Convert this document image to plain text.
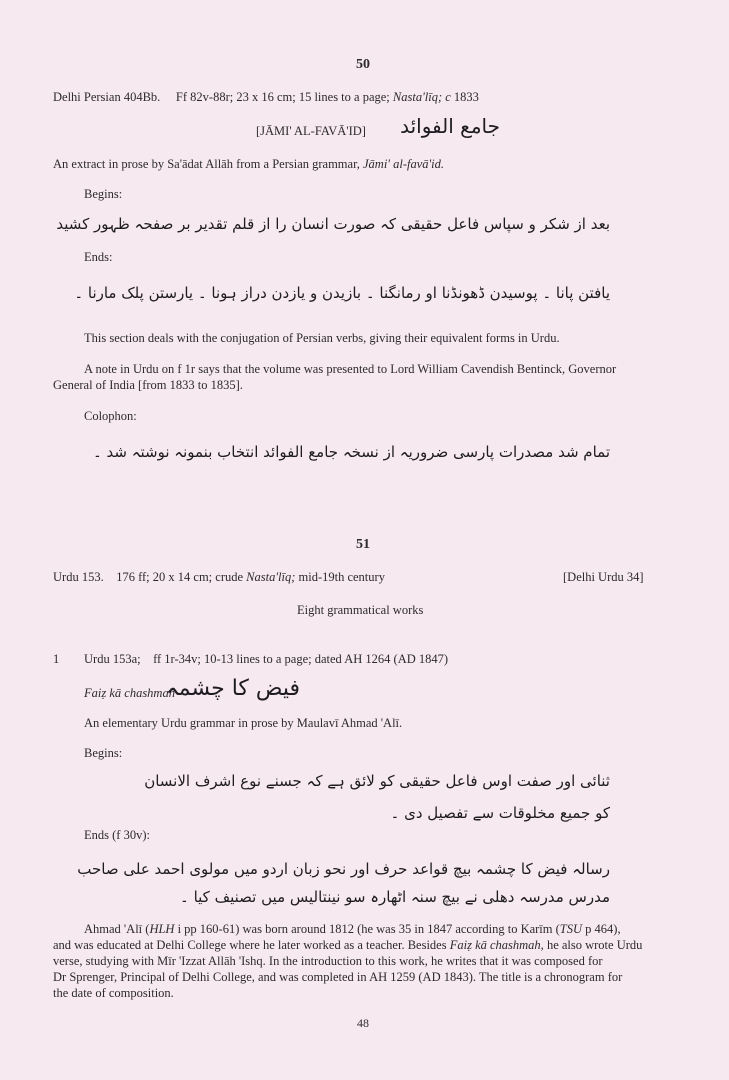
50
Delhi Persian 404Bb. Ff 82v-88r; 23 x 16 cm; 15 lines to a page; Nasta'līq; c 1833
[JĀMI' AL-FAVĀ'ID]	جامع الفوائد
An extract in prose by Sa'ādat Allāh from a Persian grammar, Jāmi' al-favā'id.
Begins:
بعد از شکر و سپاس فاعل حقیقی کہ صورت انسان را از قلم تقدیر بر صفحہ ظہور کشید
Ends:
یافتن پانا ۔ پوسیدن ڈھونڈنا او رمانگنا ۔ بازیدن و یازدن دراز ہونا ۔ یارستن پلک مارنا ۔
This section deals with the conjugation of Persian verbs, giving their equivalent forms in Urdu.
A note in Urdu on f 1r says that the volume was presented to Lord William Cavendish Bentinck, Governor
General of India [from 1833 to 1835].
Colophon:
تمام شد مصدرات پارسی ضروریہ از نسخہ جامع الفوائد انتخاب بنمونہ نوشتہ شد ۔
51
Urdu 153. 176 ff; 20 x 14 cm; crude Nasta'līq; mid-19th century	[Delhi Urdu 34]
Eight grammatical works
1 Urdu 153a;    ff 1r-34v; 10-13 lines to a page; dated AH 1264 (AD 1847)
Faiẓ kā chashmah
فیض کا چشمہ
An elementary Urdu grammar in prose by Maulavī Ahmad 'Alī.
Begins:
ثنائی اور صفت اوس فاعل حقیقی کو لائق ہے کہ جسنے نوع اشرف الانسان
کو جمیع مخلوقات سے تفصیل دی ۔
Ends (f 30v):
رسالہ فیض کا چشمہ بیچ قواعد حرف اور نحو زبان اردو میں مولوی احمد علی صاحب
مدرس مدرسہ دھلی نے بیچ سنہ اٹھارہ سو نینتالیس میں تصنیف کیا ۔
Ahmad 'Alī (HLH i pp 160-61) was born around 1812 (he was 35 in 1847 according to Karīm (TSU p 464),
and was educated at Delhi College where he later worked as a teacher. Besides Faiẓ kā chashmah, he also wrote Urdu
verse, studying with Mīr 'Izzat Allāh 'Ishq. In the introduction to this work, he writes that it was composed for
Dr Sprenger, Principal of Delhi College, and was completed in AH 1259 (AD 1843). The title is a chronogram for
the date of composition.
48
